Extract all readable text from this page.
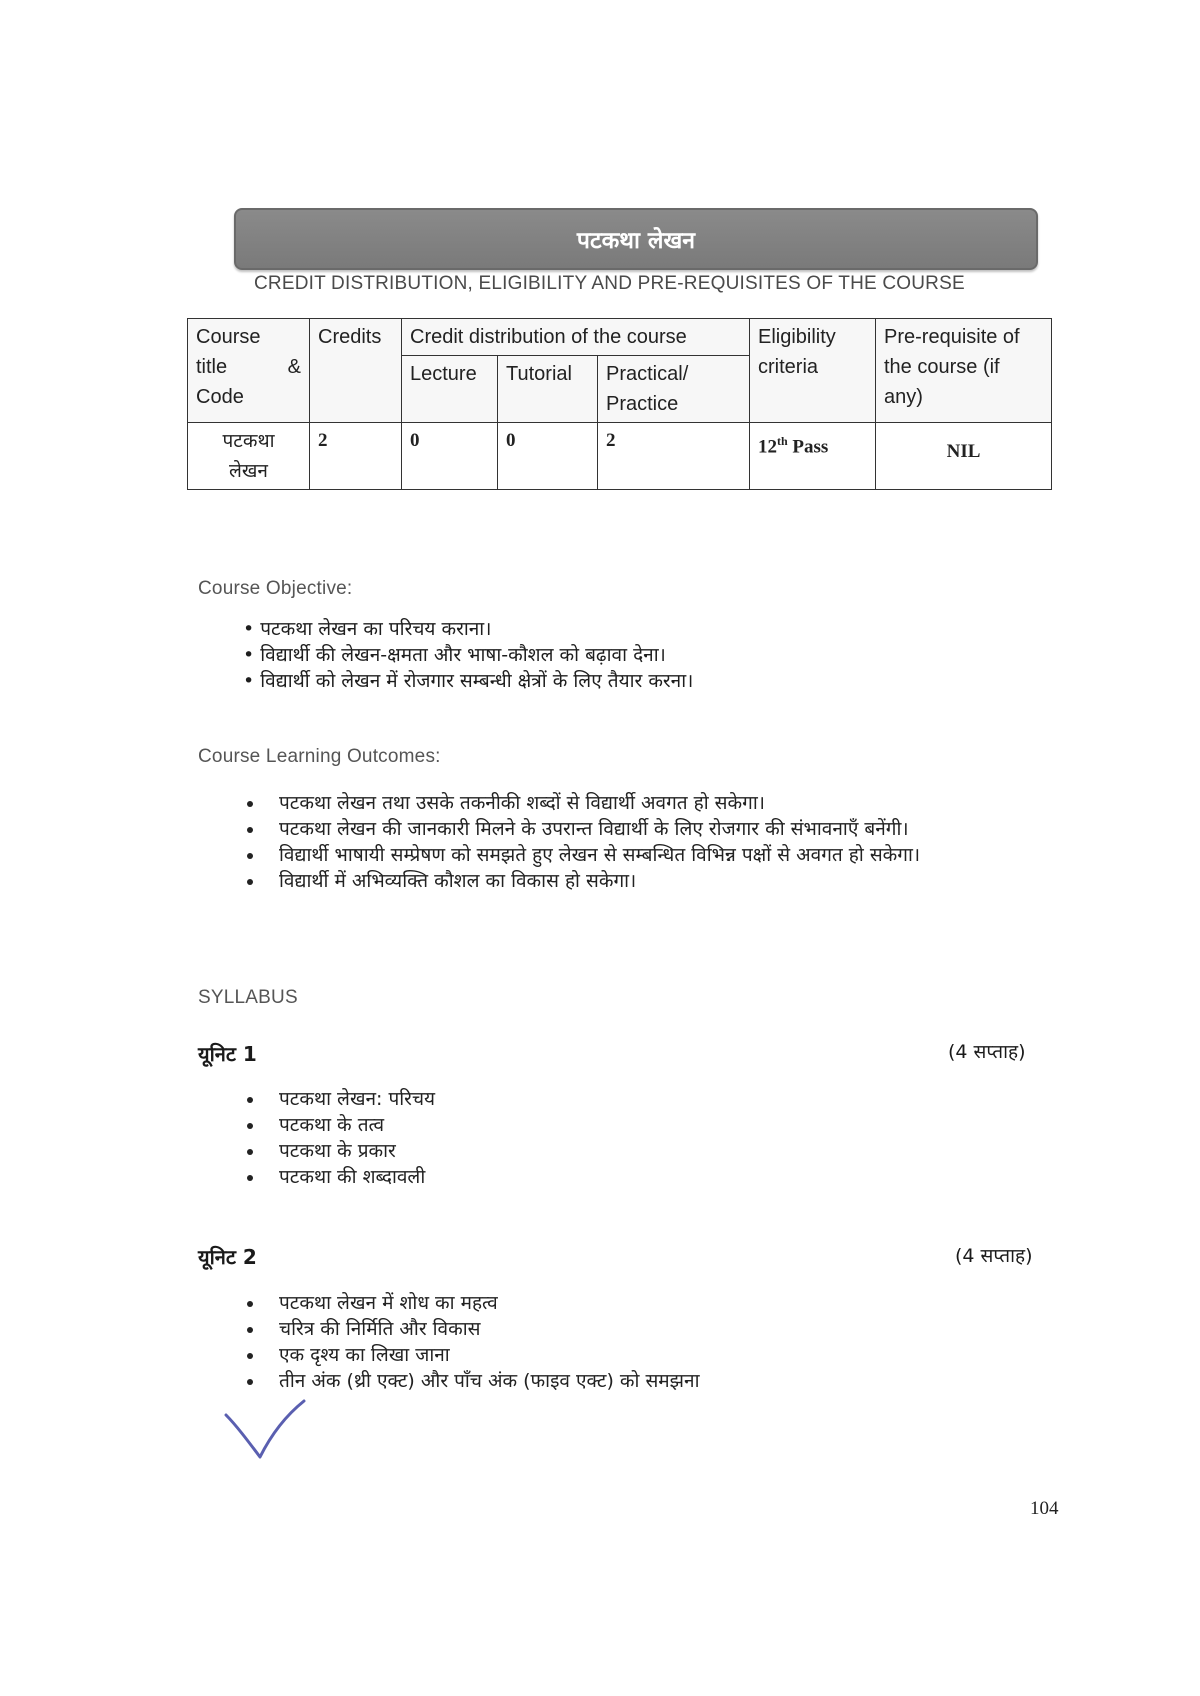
पटकथा लेखन
CREDIT DISTRIBUTION, ELIGIBILITY AND PRE-REQUISITES OF THE COURSE
Course
title &
Code	Credits	Credit distribution of the course			Eligibility criteria	Pre-requisite of the course (if any)
		Lecture	Tutorial	Practical/ Practice		

पटकथा
लेखन	2	0	0	2	12th Pass	NIL
Course Objective:
• पटकथा लेखन का परिचय कराना।
• विद्यार्थी की लेखन-क्षमता और भाषा-कौशल को बढ़ावा देना।
• विद्यार्थी को लेखन में रोजगार सम्बन्धी क्षेत्रों के लिए तैयार करना।
Course Learning Outcomes:
पटकथा लेखन तथा उसके तकनीकी शब्दों से विद्यार्थी अवगत हो सकेगा।
पटकथा लेखन की जानकारी मिलने के उपरान्त विद्यार्थी के लिए रोजगार की संभावनाएँ बनेंगी।
विद्यार्थी भाषायी सम्प्रेषण को समझते हुए लेखन से सम्बन्धित विभिन्न पक्षों से अवगत हो सकेगा।
विद्यार्थी में अभिव्यक्ति कौशल का विकास हो सकेगा।
SYLLABUS
यूनिट 1	(4 सप्ताह)
पटकथा लेखन: परिचय
पटकथा के तत्व
पटकथा के प्रकार
पटकथा की शब्दावली
यूनिट 2	(4 सप्ताह)
पटकथा लेखन में शोध का महत्व
चरित्र की निर्मिति और विकास
एक दृश्य का लिखा जाना
तीन अंक (थ्री एक्ट) और पाँच अंक (फाइव एक्ट) को समझना
104
